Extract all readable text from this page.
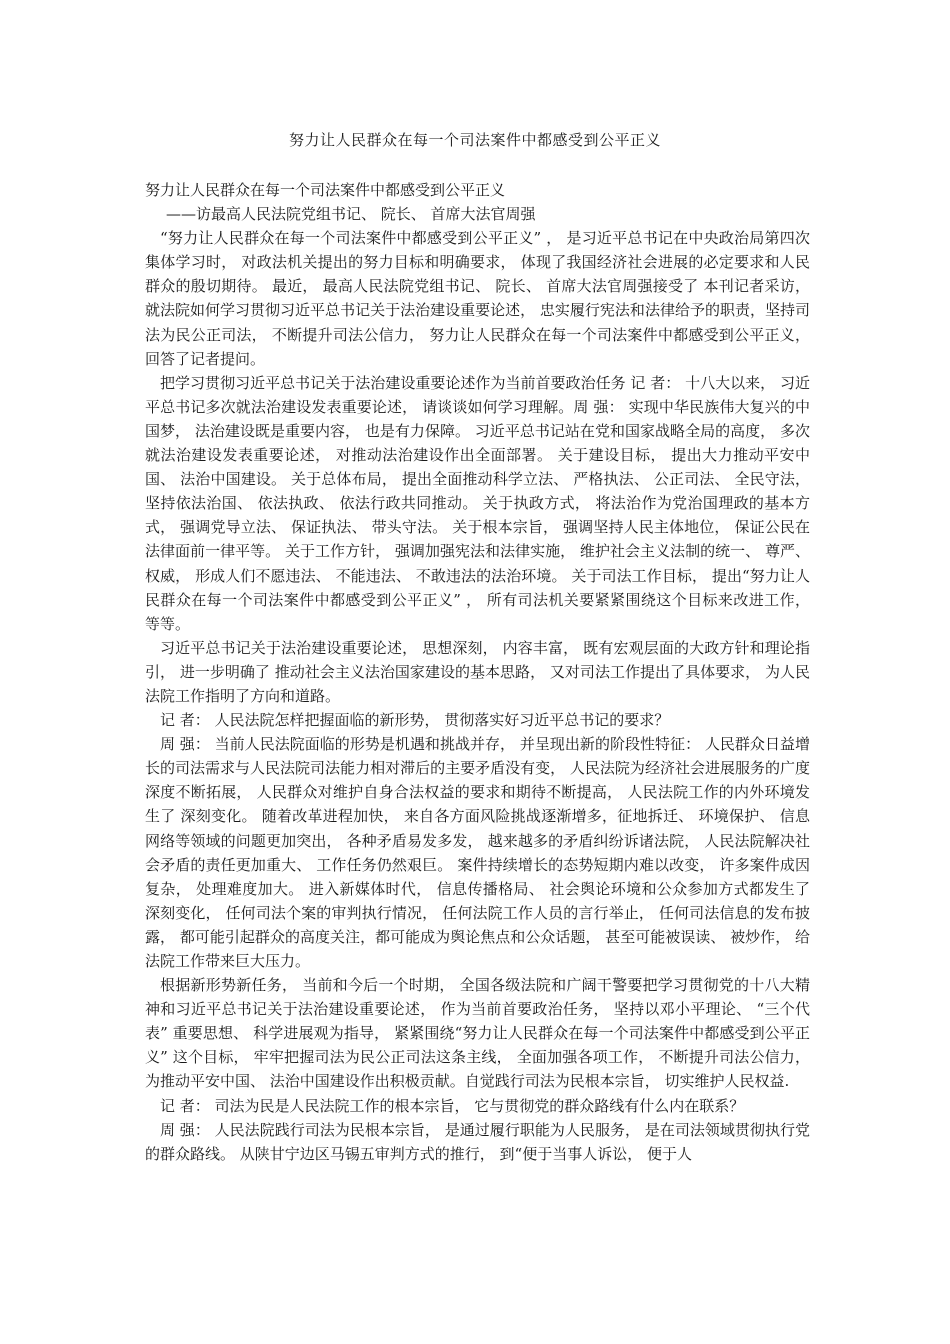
努力让人民群众在每一个司法案件中都感受到公平正义

努力让人民群众在每一个司法案件中都感受到公平正义

——访最高人民法院党组书记、 院长、 首席大法官周强

“努力让人民群众在每一个司法案件中都感受到公平正义” ， 是习近平总书记在中央政治局第四次集体学习时， 对政法机关提出的努力目标和明确要求， 体现了我国经济社会进展的必定要求和人民群众的殷切期待。 最近， 最高人民法院党组书记、 院长、 首席大法官周强接受了 本刊记者采访， 就法院如何学习贯彻习近平总书记关于法治建设重要论述， 忠实履行宪法和法律给予的职责，坚持司法为民公正司法， 不断提升司法公信力， 努力让人民群众在每一个司法案件中都感受到公平正义， 回答了记者提问。

把学习贯彻习近平总书记关于法治建设重要论述作为当前首要政治任务 记 者： 十八大以来， 习近平总书记多次就法治建设发表重要论述， 请谈谈如何学习理解。周 强： 实现中华民族伟大复兴的中国梦， 法治建设既是重要内容， 也是有力保障。 习近平总书记站在党和国家战略全局的高度， 多次就法治建设发表重要论述， 对推动法治建设作出全面部署。 关于建设目标， 提出大力推动平安中国、 法治中国建设。 关于总体布局， 提出全面推动科学立法、 严格执法、 公正司法、 全民守法， 坚持依法治国、 依法执政、 依法行政共同推动。 关于执政方式， 将法治作为党治国理政的基本方式， 强调党导立法、 保证执法、 带头守法。 关于根本宗旨， 强调坚持人民主体地位， 保证公民在法律面前一律平等。 关于工作方针， 强调加强宪法和法律实施， 维护社会主义法制的统一、 尊严、 权威， 形成人们不愿违法、 不能违法、 不敢违法的法治环境。 关于司法工作目标， 提出“努力让人民群众在每一个司法案件中都感受到公平正义” ， 所有司法机关要紧紧围绕这个目标来改进工作， 等等。

习近平总书记关于法治建设重要论述， 思想深刻， 内容丰富， 既有宏观层面的大政方针和理论指引， 进一步明确了 推动社会主义法治国家建设的基本思路， 又对司法工作提出了具体要求， 为人民法院工作指明了方向和道路。

记 者： 人民法院怎样把握面临的新形势， 贯彻落实好习近平总书记的要求？

周 强： 当前人民法院面临的形势是机遇和挑战并存， 并呈现出新的阶段性特征： 人民群众日益增长的司法需求与人民法院司法能力相对滞后的主要矛盾没有变， 人民法院为经济社会进展服务的广度深度不断拓展， 人民群众对维护自身合法权益的要求和期待不断提高， 人民法院工作的内外环境发生了 深刻变化。 随着改革进程加快， 来自各方面风险挑战逐渐增多，征地拆迁、 环境保护、 信息网络等领域的问题更加突出， 各种矛盾易发多发， 越来越多的矛盾纠纷诉诸法院， 人民法院解决社会矛盾的责任更加重大、 工作任务仍然艰巨。 案件持续增长的态势短期内难以改变， 许多案件成因复杂， 处理难度加大。 进入新媒体时代， 信息传播格局、 社会舆论环境和公众参加方式都发生了 深刻变化， 任何司法个案的审判执行情况， 任何法院工作人员的言行举止， 任何司法信息的发布披露， 都可能引起群众的高度关注，都可能成为舆论焦点和公众话题， 甚至可能被误读、 被炒作， 给法院工作带来巨大压力。

根据新形势新任务， 当前和今后一个时期， 全国各级法院和广阔干警要把学习贯彻党的十八大精神和习近平总书记关于法治建设重要论述， 作为当前首要政治任务， 坚持以邓小平理论、 “三个代表” 重要思想、 科学进展观为指导， 紧紧围绕“努力让人民群众在每一个司法案件中都感受到公平正义” 这个目标， 牢牢把握司法为民公正司法这条主线， 全面加强各项工作， 不断提升司法公信力， 为推动平安中国、 法治中国建设作出积极贡献。自觉践行司法为民根本宗旨， 切实维护人民权益.

记 者： 司法为民是人民法院工作的根本宗旨， 它与贯彻党的群众路线有什么内在联系？

周 强： 人民法院践行司法为民根本宗旨， 是通过履行职能为人民服务， 是在司法领域贯彻执行党的群众路线。 从陕甘宁边区马锡五审判方式的推行， 到“便于当事人诉讼， 便于人
